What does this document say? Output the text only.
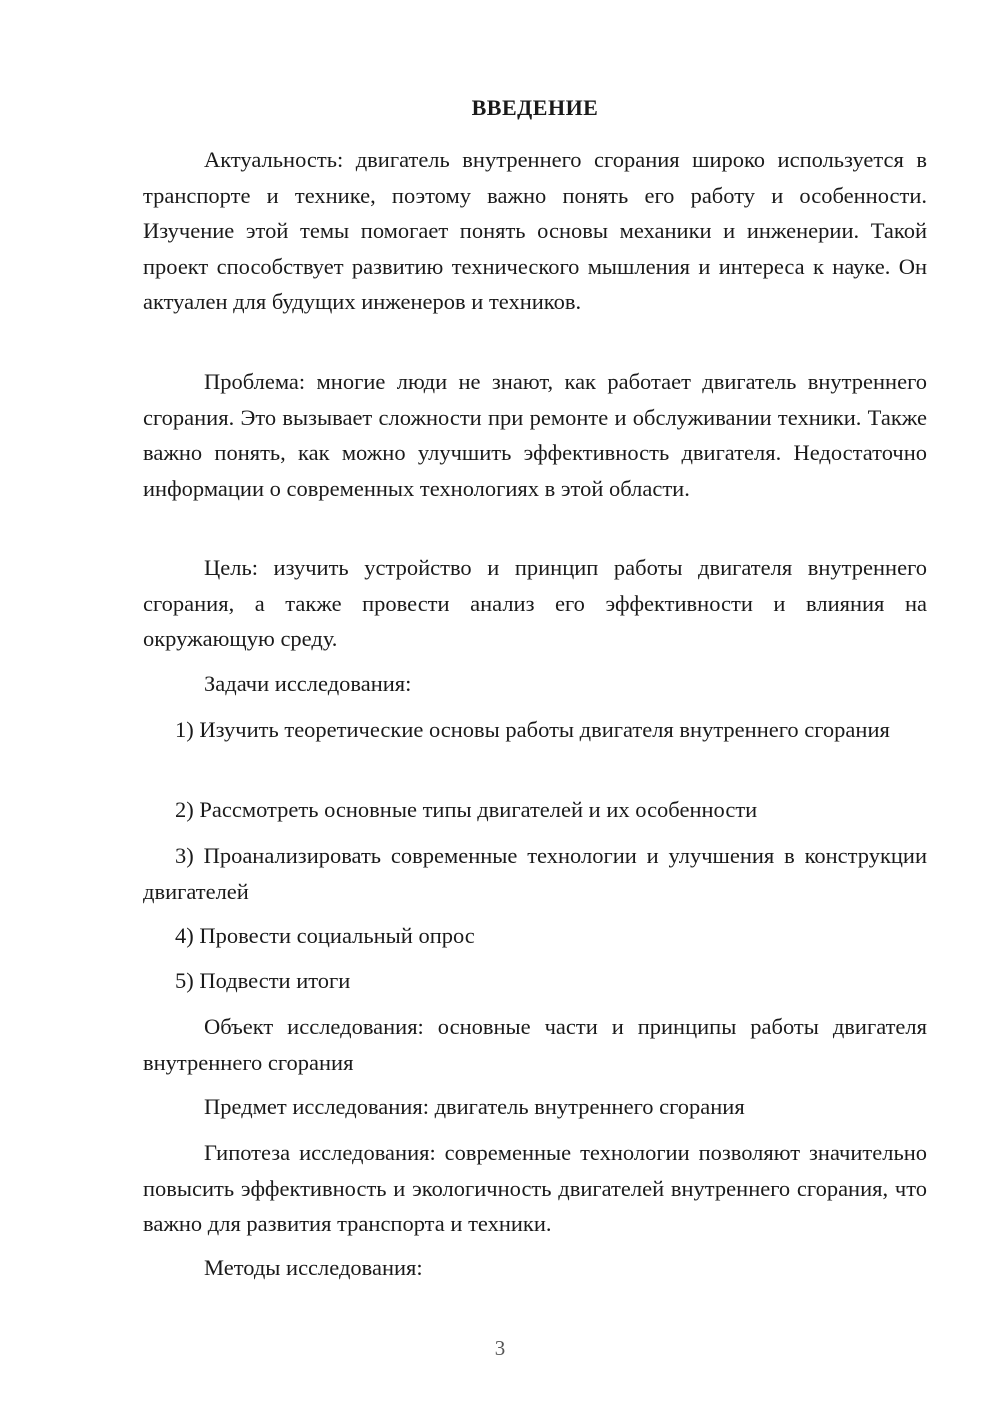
ВВЕДЕНИЕ

Актуальность: двигатель внутреннего сгорания широко используется в транспорте и технике, поэтому важно понять его работу и особенности. Изучение этой темы помогает понять основы механики и инженерии. Такой проект способствует развитию технического мышления и интереса к науке. Он актуален для будущих инженеров и техников.

Проблема: многие люди не знают, как работает двигатель внутреннего сгорания. Это вызывает сложности при ремонте и обслуживании техники. Также важно понять, как можно улучшить эффективность двигателя. Недостаточно информации о современных технологиях в этой области.

Цель: изучить устройство и принцип работы двигателя внутреннего сгорания, а также провести анализ его эффективности и влияния на окружающую среду.

Задачи исследования:

1) Изучить теоретические основы работы двигателя внутреннего сгорания

2) Рассмотреть основные типы двигателей и их особенности

3) Проанализировать современные технологии и улучшения в конструкции двигателей

4) Провести социальный опрос

5) Подвести итоги

Объект исследования: основные части и принципы работы двигателя внутреннего сгорания

Предмет исследования: двигатель внутреннего сгорания

Гипотеза исследования: современные технологии позволяют значительно повысить эффективность и экологичность двигателей внутреннего сгорания, что важно для развития транспорта и техники.

Методы исследования:

3
